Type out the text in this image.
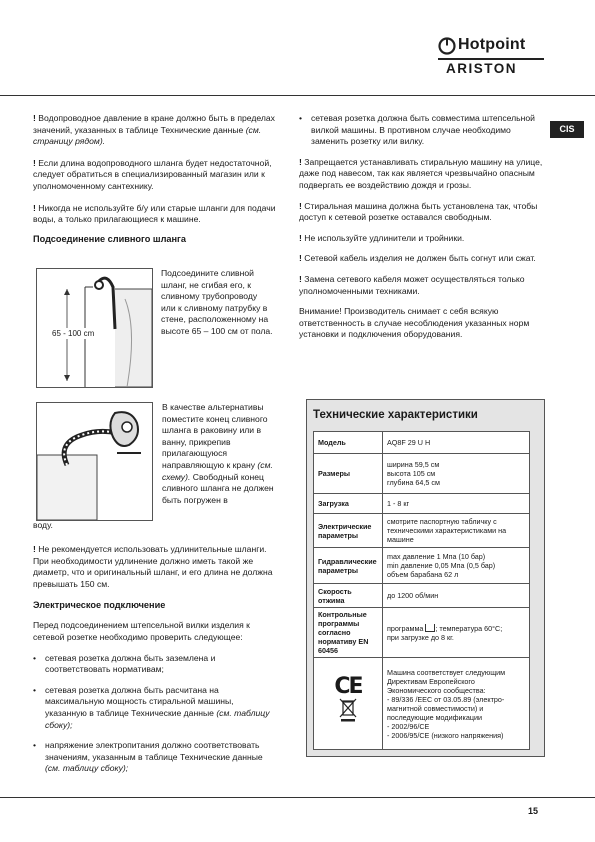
Hotpoint
ARISTON
CIS

! Водопроводное давление в кране должно быть в пределах значений, указанных в таблице Технические данные (см. страницу рядом).

! Если длина водопроводного шланга будет недостаточной, следует обратиться в специализированный магазин или к уполномоченному сантехнику.

! Никогда не используйте б/у или старые шланги для подачи воды, а только прилагающиеся к машине.

Подсоединение сливного шланга

65 - 100 cm

Подсоедините сливной шланг, не сгибая его, к сливному трубопроводу или к сливному патрубку в стене, расположенному на высоте 65 – 100 см от пола.

В качестве альтернативы поместите конец сливного шланга в раковину или в ванну, прикрепив прилагающуюся направляющую к крану (см. схему). Свободный конец сливного шланга не должен быть погружен в

воду.

! Не рекомендуется использовать удлинительные шланги. При необходимости удлинение должно иметь такой же диаметр, что и оригинальный шланг, и его длина не должна превышать 150 см.

Электрическое подключение

Перед подсоединением штепсельной вилки изделия к сетевой розетке необходимо проверить следующее:

• сетевая розетка должна быть заземлена и соответствовать нормативам;
• сетевая розетка должна быть расчитана на максимальную мощность стиральной машины, указанную в таблице Технические данные (см. таблицу сбоку);
• напряжение электропитания должно соответствовать значениям, указанным в таблице Технические данные (см. таблицу сбоку);
• сетевая розетка должна быть совместима штепсельной вилкой машины. В противном случае необходимо заменить розетку или вилку.

! Запрещается устанавливать стиральную машину на улице, даже под навесом, так как является чрезвычайно опасным подвергать ее воздействию дождя и грозы.

! Стиральная машина должна быть установлена так, чтобы доступ к сетевой розетке оставался свободным.

! Не используйте удлинители и тройники.

! Сетевой кабель изделия не должен быть согнут или сжат.

! Замена сетевого кабеля может осуществляться только уполномоченными техниками.

Внимание! Производитель снимает с себя всякую ответственность в случае несоблюдения указанных норм установки и подключения оборудования.

Технические характеристики
Модель	AQ8F 29 U H
Размеры	ширина 59,5 см
высота 105 см
глубина 64,5 см
Загрузка	1 - 8 кг
Электрические параметры	смотрите паспортную табличку с техническими характеристиками на машине
Гидравлические параметры	max давление 1 Мпа (10 бар)
min давление 0,05 Мпа (0,5 бар)
объем барабана 62 л
Скорость отжима	до 1200 об/мин
Контрольные программы согласно нормативу EN 60456	программа ; температура 60°С;
при загрузке до 8 кг.

CE	Машина соответствует следующим Директивам Европейского Экономического сообщества:
- 89/336 /EEC от 03.05.89 (электро-магнитной совместимости) и последующие модификации
- 2002/96/CE
- 2006/95/CE (низкого напряжения)
15
